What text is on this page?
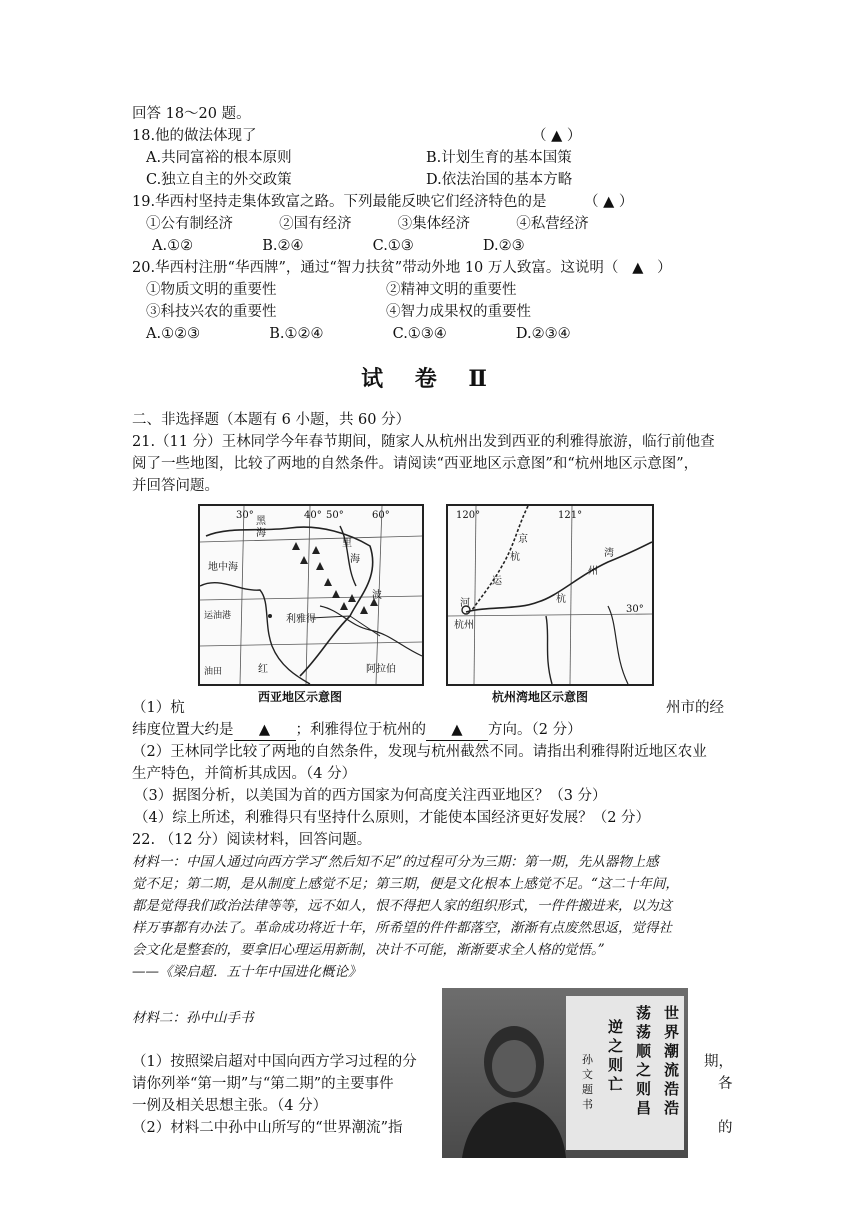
回答 18～20 题。
18.他的做法体现了	（ ▲ ）
A.共同富裕的根本原则	B.计划生育的基本国策
C.独立自主的外交政策	D.依法治国的基本方略
19.华西村坚持走集体致富之路。下列最能反映它们经济特色的是	（ ▲ ）
①公有制经济          ②国有经济          ③集体经济          ④私营经济
A.①②               B.②④               C.①③               D.②③
20.华西村注册“华西牌”，通过“智力扶贫”带动外地 10 万人致富。这说明（   ▲   ）
①物质文明的重要性	②精神文明的重要性
③科技兴农的重要性	④智力成果权的重要性
A.①②③               B.①②④               C.①③④               D.②③④
试 卷 Ⅱ
二、非选择题（本题有 6 小题，共 60 分）
21.（11 分）王林同学今年春节期间，随家人从杭州出发到西亚的利雅得旅游，临行前他查
阅了一些地图，比较了两地的自然条件。请阅读“西亚地区示意图”和“杭州地区示意图”，
并回答问题。
30°	40° 50°	60°
黑
海
里
海
地中海
利雅得
红
波
阿拉伯
油田
运油港
西亚地区示意图
120°	121°
30°
京
杭
运
河
杭州
杭
州
湾
杭州湾地区示意图
（1）杭	州市的经
纬度位置大约是 ▲ ；利雅得位于杭州的 ▲ 方向。（2 分）
（2）王林同学比较了两地的自然条件，发现与杭州截然不同。请指出利雅得附近地区农业
生产特色，并简析其成因。（4 分）
（3）据图分析，以美国为首的西方国家为何高度关注西亚地区？（3 分）
（4）综上所述，利雅得只有坚持什么原则，才能使本国经济更好发展？（2 分）
22. （12 分）阅读材料，回答问题。
材料一：中国人通过向西方学习“然后知不足”的过程可分为三期：第一期，先从器物上感
觉不足；第二期，是从制度上感觉不足；第三期，便是文化根本上感觉不足。“这二十年间，
都是觉得我们政治法律等等，远不如人，恨不得把人家的组织形式，一件件搬进来，以为这
样万事都有办法了。革命成功将近十年，所希望的件件都落空，渐渐有点废然思返，觉得社
会文化是整套的，要拿旧心理运用新制，决计不可能，渐渐要求全人格的觉悟。”
——《梁启超．五十年中国进化概论》
材料二：孙中山手书
（1）按照梁启超对中国向西方学习过程的分	期，
请你列举“第一期”与“第二期”的主要事件	各
一例及相关思想主张。（4 分）
（2）材料二中孙中山所写的“世界潮流”指	的
世界潮流浩浩
荡荡顺之则昌
逆之则亡
孙文题书
